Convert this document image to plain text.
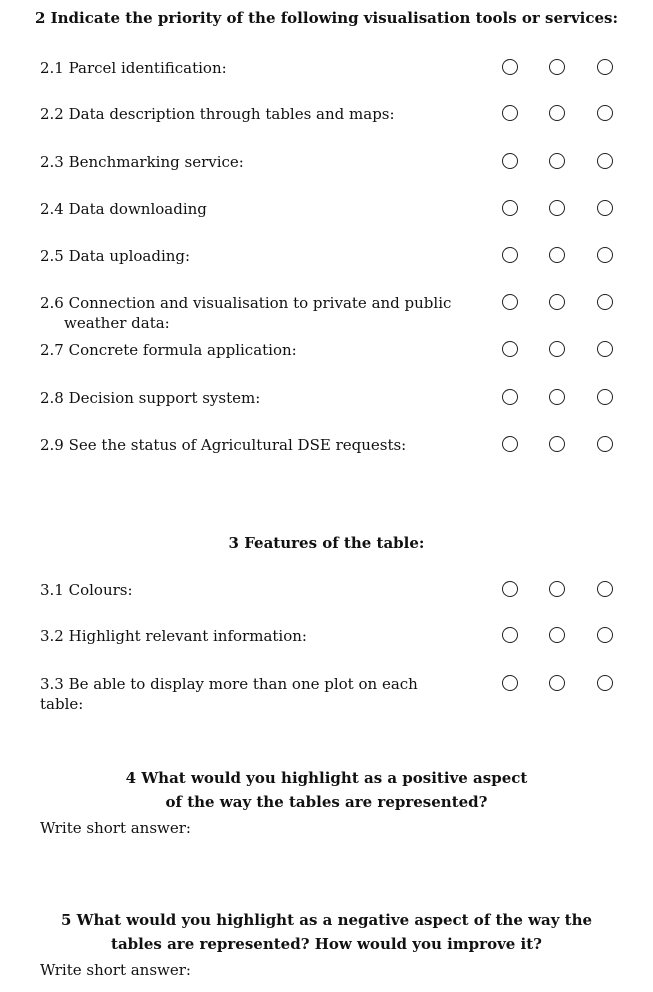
2 Indicate the priority of the following visualisation tools or services:
2.1 Parcel identification:
2.2 Data description through tables and maps:
2.3 Benchmarking service:
2.4 Data downloading
2.5 Data uploading:
2.6 Connection and visualisation to private and public
weather data:
2.7 Concrete formula application:
2.8 Decision support system:
2.9 See the status of Agricultural DSE requests:
3 Features of the table:
3.1 Colours:
3.2 Highlight relevant information:
3.3 Be able to display more than one plot on each table:
4 What would you highlight as a positive aspect
of the way the tables are represented?
Write short answer:
5 What would you highlight as a negative aspect of the way the
tables are represented? How would you improve it?
Write short answer:
